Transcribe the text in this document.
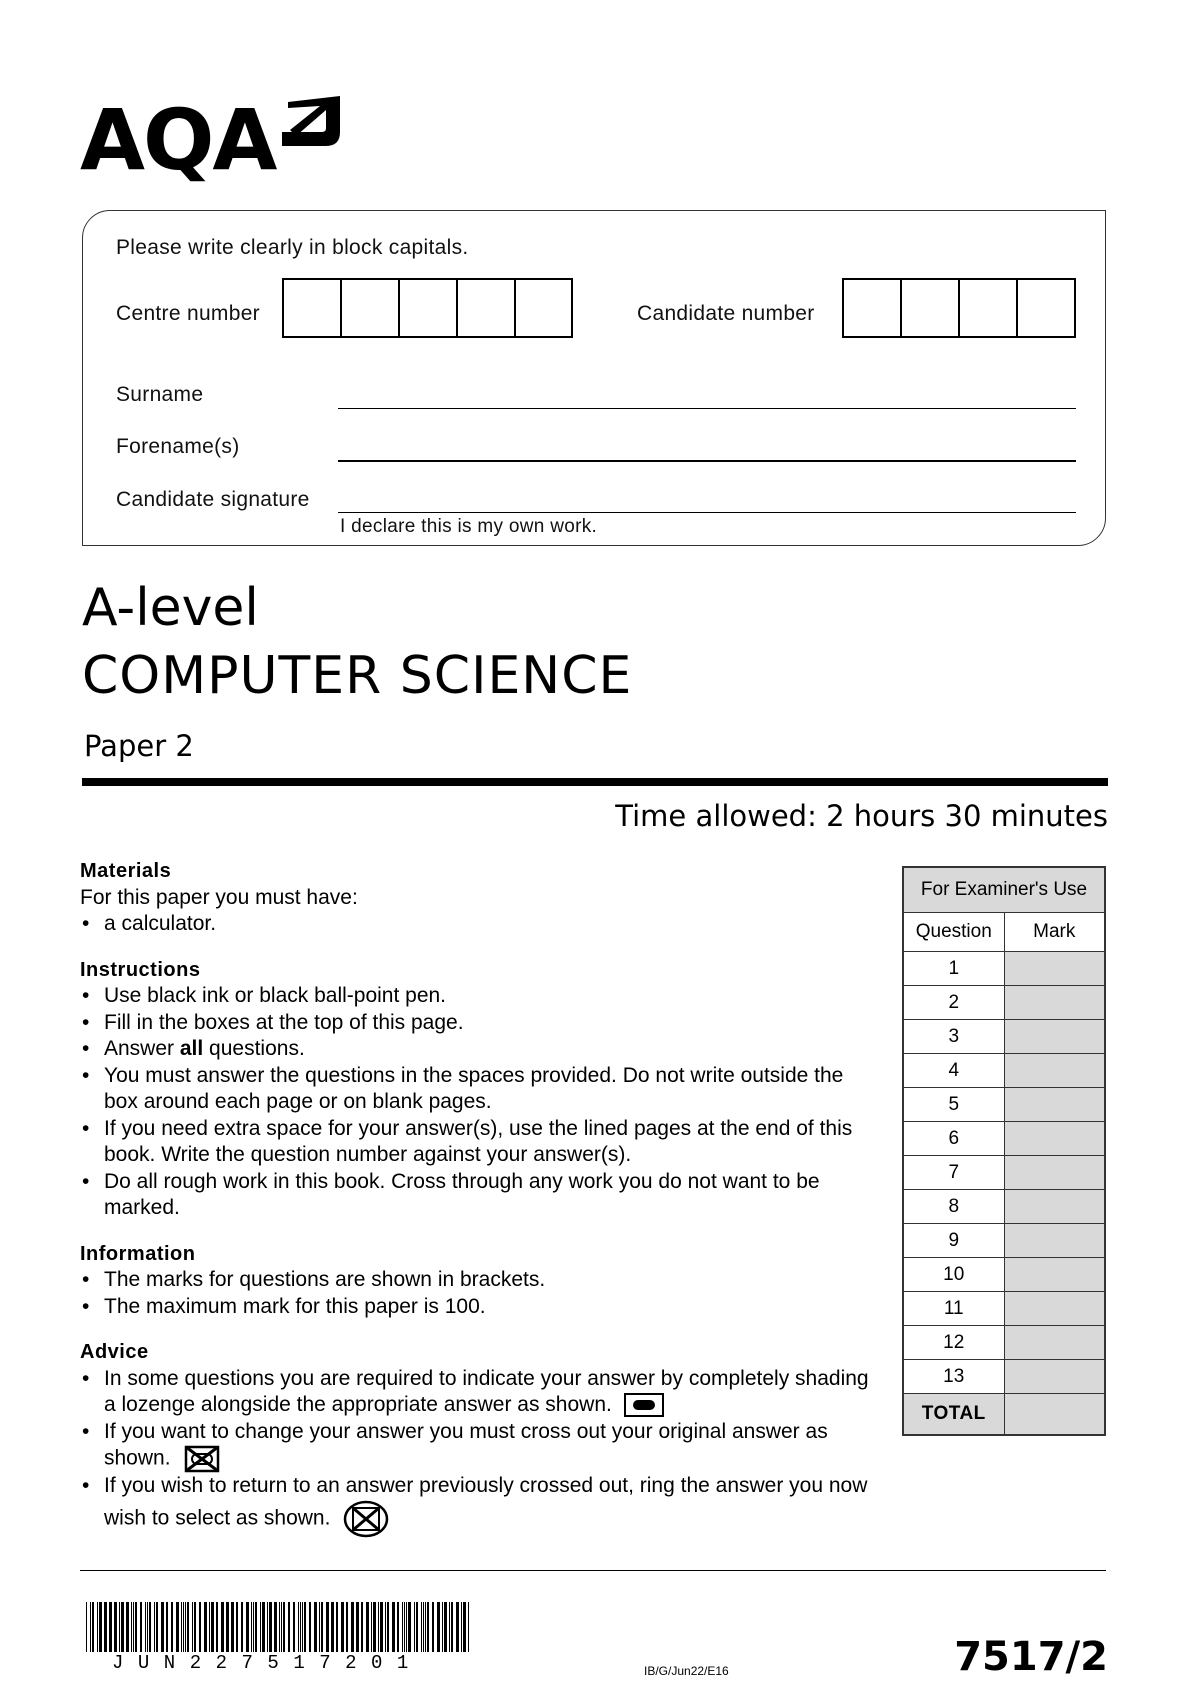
AQA
Please write clearly in block capitals.
Centre number	Candidate number
Surname
Forename(s)
Candidate signature
I declare this is my own work.
A-level
COMPUTER SCIENCE
Paper 2
Time allowed: 2 hours 30 minutes
Materials
For this paper you must have:
• a calculator.
Instructions
• Use black ink or black ball-point pen.
• Fill in the boxes at the top of this page.
• Answer all questions.
• You must answer the questions in the spaces provided. Do not write outside the box around each page or on blank pages.
• If you need extra space for your answer(s), use the lined pages at the end of this book. Write the question number against your answer(s).
• Do all rough work in this book. Cross through any work you do not want to be marked.
Information
• The marks for questions are shown in brackets.
• The maximum mark for this paper is 100.
Advice
• In some questions you are required to indicate your answer by completely shading a lozenge alongside the appropriate answer as shown.
• If you want to change your answer you must cross out your original answer as shown.
• If you wish to return to an answer previously crossed out, ring the answer you now wish to select as shown.
For Examiner's Use	
Question	Mark
1	
2	
3	
4	
5	
6	
7	
8	
9	
10	
11	
12	
13	
TOTAL	
JUN227517201	IB/G/Jun22/E16	7517/2
